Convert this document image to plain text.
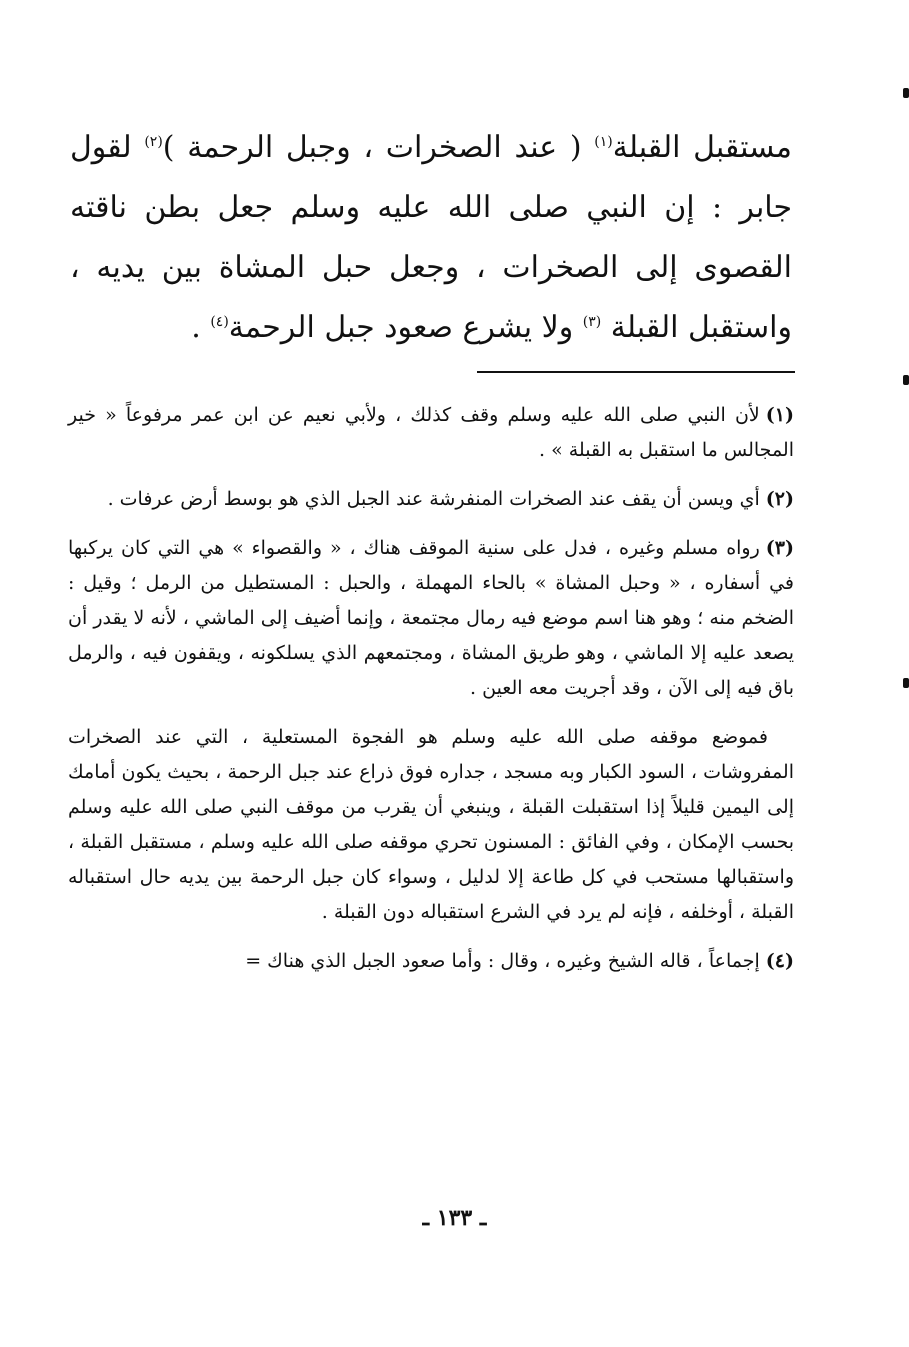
مستقبل القبلة$^{(١)}$ ( عند الصخرات ، وجبل الرحمة )$^{(٢)}$ لقول جابر : إن النبي صلى الله عليه وسلم جعل بطن ناقته القصوى إلى الصخرات ، وجعل حبل المشاة بين يديه ، واستقبل القبلة $^{(٣)}$ ولا يشرع صعود جبل الرحمة$^{(٤)}$ .

(١)لأن النبي صلى الله عليه وسلم وقف كذلك ، ولأبي نعيم عن ابن عمر مرفوعاً « خير المجالس ما استقبل به القبلة » .

(٢)أي ويسن أن يقف عند الصخرات المنفرشة عند الجبل الذي هو بوسط أرض عرفات .

(٣)رواه مسلم وغيره ، فدل على سنية الموقف هناك ، « والقصواء » هي التي كان يركبها في أسفاره ، « وحبل المشاة » بالحاء المهملة ، والحبل : المستطيل من الرمل ؛ وقيل : الضخم منه ؛ وهو هنا اسم موضع فيه رمال مجتمعة ، وإنما أضيف إلى الماشي ، لأنه لا يقدر أن يصعد عليه إلا الماشي ، وهو طريق المشاة ، ومجتمعهم الذي يسلكونه ، ويقفون فيه ، والرمل باق فيه إلى الآن ، وقد أجريت معه العين .

فموضع موقفه صلى الله عليه وسلم هو الفجوة المستعلية ، التي عند الصخرات المفروشات ، السود الكبار وبه مسجد ، جداره فوق ذراع عند جبل الرحمة ، بحيث يكون أمامك إلى اليمين قليلاً إذا استقبلت القبلة ، وينبغي أن يقرب من موقف النبي صلى الله عليه وسلم بحسب الإمكان ، وفي الفائق : المسنون تحري موقفه صلى الله عليه وسلم ، مستقبل القبلة ، واستقبالها مستحب في كل طاعة إلا لدليل ، وسواء كان جبل الرحمة بين يديه حال استقباله القبلة ، أوخلفه ، فإنه لم يرد في الشرع استقباله دون القبلة .

(٤)إجماعاً ، قاله الشيخ وغيره ، وقال : وأما صعود الجبل الذي هناك =

ـ ١٣٣ ـ
